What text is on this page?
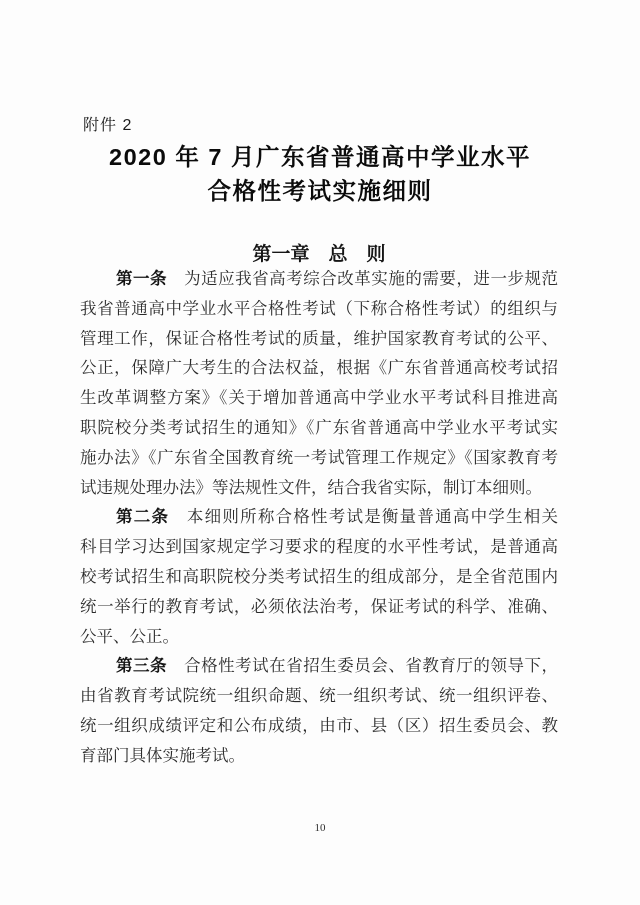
附件 2
2020 年 7 月广东省普通高中学业水平
合格性考试实施细则
第一章　总　则
第一条　为适应我省高考综合改革实施的需要，进一步规范
我省普通高中学业水平合格性考试（下称合格性考试）的组织与
管理工作，保证合格性考试的质量，维护国家教育考试的公平、
公正，保障广大考生的合法权益，根据《广东省普通高校考试招
生改革调整方案》《关于增加普通高中学业水平考试科目推进高
职院校分类考试招生的通知》《广东省普通高中学业水平考试实
施办法》《广东省全国教育统一考试管理工作规定》《国家教育考
试违规处理办法》等法规性文件，结合我省实际，制订本细则。
第二条　本细则所称合格性考试是衡量普通高中学生相关
科目学习达到国家规定学习要求的程度的水平性考试，是普通高
校考试招生和高职院校分类考试招生的组成部分，是全省范围内
统一举行的教育考试，必须依法治考，保证考试的科学、准确、
公平、公正。
第三条　合格性考试在省招生委员会、省教育厅的领导下，
由省教育考试院统一组织命题、统一组织考试、统一组织评卷、
统一组织成绩评定和公布成绩，由市、县（区）招生委员会、教
育部门具体实施考试。
10
